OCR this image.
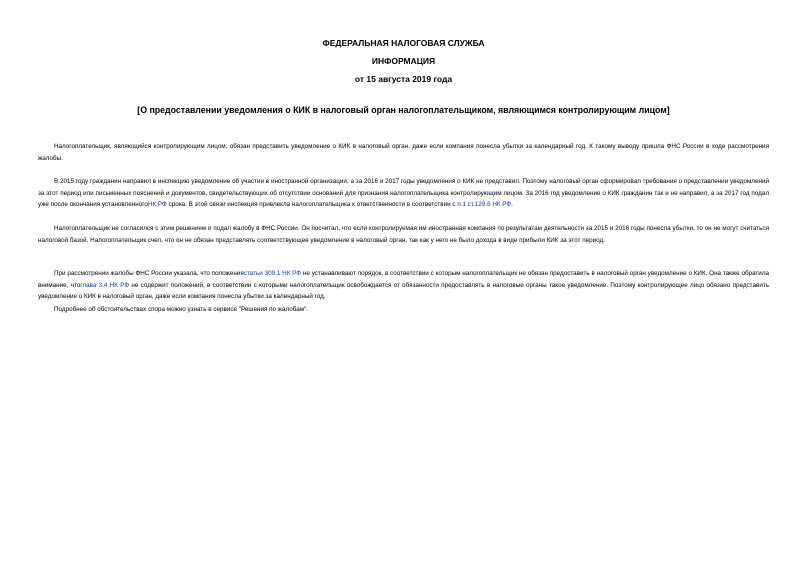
ФЕДЕРАЛЬНАЯ НАЛОГОВАЯ СЛУЖБА
ИНФОРМАЦИЯ
от 15 августа 2019 года
[О предоставлении уведомления о КИК в налоговый орган налогоплательщиком, являющимся контролирующим лицом]

Налогоплательщик, являющийся контролирующим лицом, обязан представить уведомление о КИК в налоговый орган, даже если компания понесла убытки за календарный год. К такому выводу пришла ФНС России в ходе рассмотрения жалобы.

В 2015 году гражданин направил в инспекцию уведомление об участии в иностранной организации, а за 2016 и 2017 годы уведомления о КИК не представил. Поэтому налоговый орган сформировал требования о представлении уведомлений за этот период или письменных пояснений и документов, свидетельствующих об отсутствии оснований для признания налогоплательщика контролирующим лицом. За 2016 год уведомление о КИК гражданин так и не направил, а за 2017 год подал уже после окончания установленногоНК РФ срока. В этой связи инспекция привлекла налогоплательщика к ответственности в соответствии с п.1 ст.129.6 НК РФ.

Налогоплательщик не согласился с этим решением и подал жалобу в ФНС России. Он посчитал, что если контролируемая им иностранная компания по результатам деятельности за 2015 и 2016 годы понесла убытки, то он не могут считаться налоговой базой. Налогоплательщик счел, что он не обязан представлять соответствующее уведомление в налоговый орган, так как у него не было дохода в виде прибыли КИК за этот период.

При рассмотрении жалобы ФНС России указала, что положениястатьи 309.1 НК РФ не устанавливают порядок, в соответствии с которым налогоплательщик не обязан предоставить в налоговый орган уведомление о КИК. Она также обратила внимание, чтоглава 3.4 НК РФ не содержит положений, в соответствии с которыми налогоплательщик освобождается от обязанности предоставлять в налоговые органы такое уведомление. Поэтому контролирующее лицо обязано представить уведомление о КИК в налоговый орган, даже если компания понесла убытки за календарный год.

Подробнее об обстоятельствах спора можно узнать в сервисе "Решения по жалобам".
